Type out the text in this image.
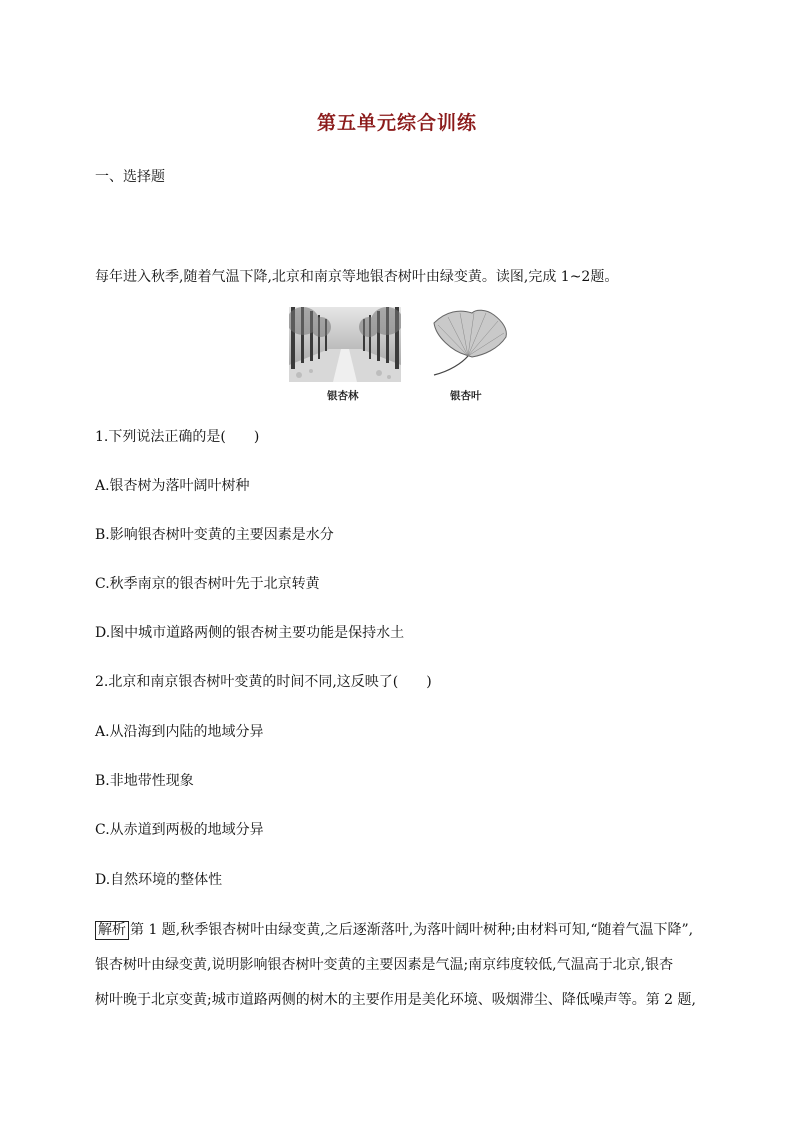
第五单元综合训练
一、选择题
每年进入秋季,随着气温下降,北京和南京等地银杏树叶由绿变黄。读图,完成 1~2题。
银杏林	银杏叶
1.下列说法正确的是(　　)
A.银杏树为落叶阔叶树种
B.影响银杏树叶变黄的主要因素是水分
C.秋季南京的银杏树叶先于北京转黄
D.图中城市道路两侧的银杏树主要功能是保持水土
2.北京和南京银杏树叶变黄的时间不同,这反映了(　　)
A.从沿海到内陆的地域分异
B.非地带性现象
C.从赤道到两极的地域分异
D.自然环境的整体性
解析 第 1 题,秋季银杏树叶由绿变黄,之后逐渐落叶,为落叶阔叶树种;由材料可知,“随着气温下降”,
银杏树叶由绿变黄,说明影响银杏树叶变黄的主要因素是气温;南京纬度较低,气温高于北京,银杏
树叶晚于北京变黄;城市道路两侧的树木的主要作用是美化环境、吸烟滞尘、降低噪声等。第 2 题,
